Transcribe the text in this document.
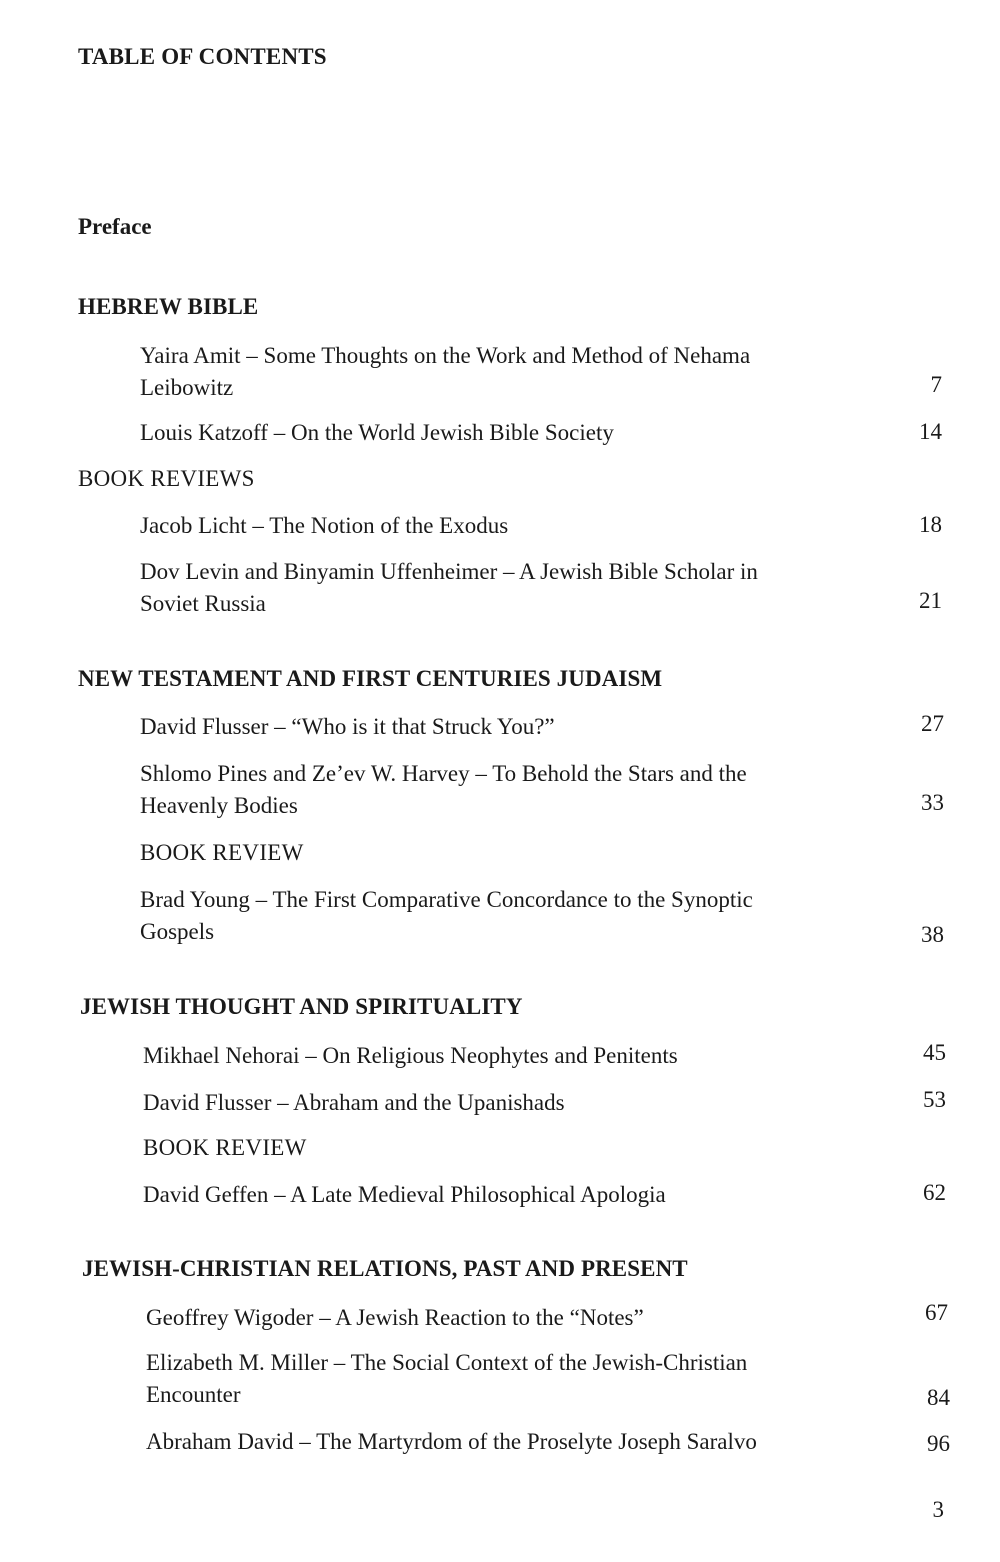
TABLE OF CONTENTS
Preface
HEBREW BIBLE
Yaira Amit – Some Thoughts on the Work and Method of Nehama
Leibowitz	7
Louis Katzoff – On the World Jewish Bible Society	14
BOOK REVIEWS
Jacob Licht – The Notion of the Exodus	18
Dov Levin and Binyamin Uffenheimer – A Jewish Bible Scholar in
Soviet Russia	21
NEW TESTAMENT AND FIRST CENTURIES JUDAISM
David Flusser – “Who is it that Struck You?”	27
Shlomo Pines and Ze’ev W. Harvey – To Behold the Stars and the
Heavenly Bodies	33
BOOK REVIEW
Brad Young – The First Comparative Concordance to the Synoptic
Gospels	38
JEWISH THOUGHT AND SPIRITUALITY
Mikhael Nehorai – On Religious Neophytes and Penitents	45
David Flusser – Abraham and the Upanishads	53
BOOK REVIEW
David Geffen – A Late Medieval Philosophical Apologia	62
JEWISH-CHRISTIAN RELATIONS, PAST AND PRESENT
Geoffrey Wigoder – A Jewish Reaction to the “Notes”	67
Elizabeth M. Miller – The Social Context of the Jewish-Christian
Encounter	84
Abraham David – The Martyrdom of the Proselyte Joseph Saralvo	96
3
